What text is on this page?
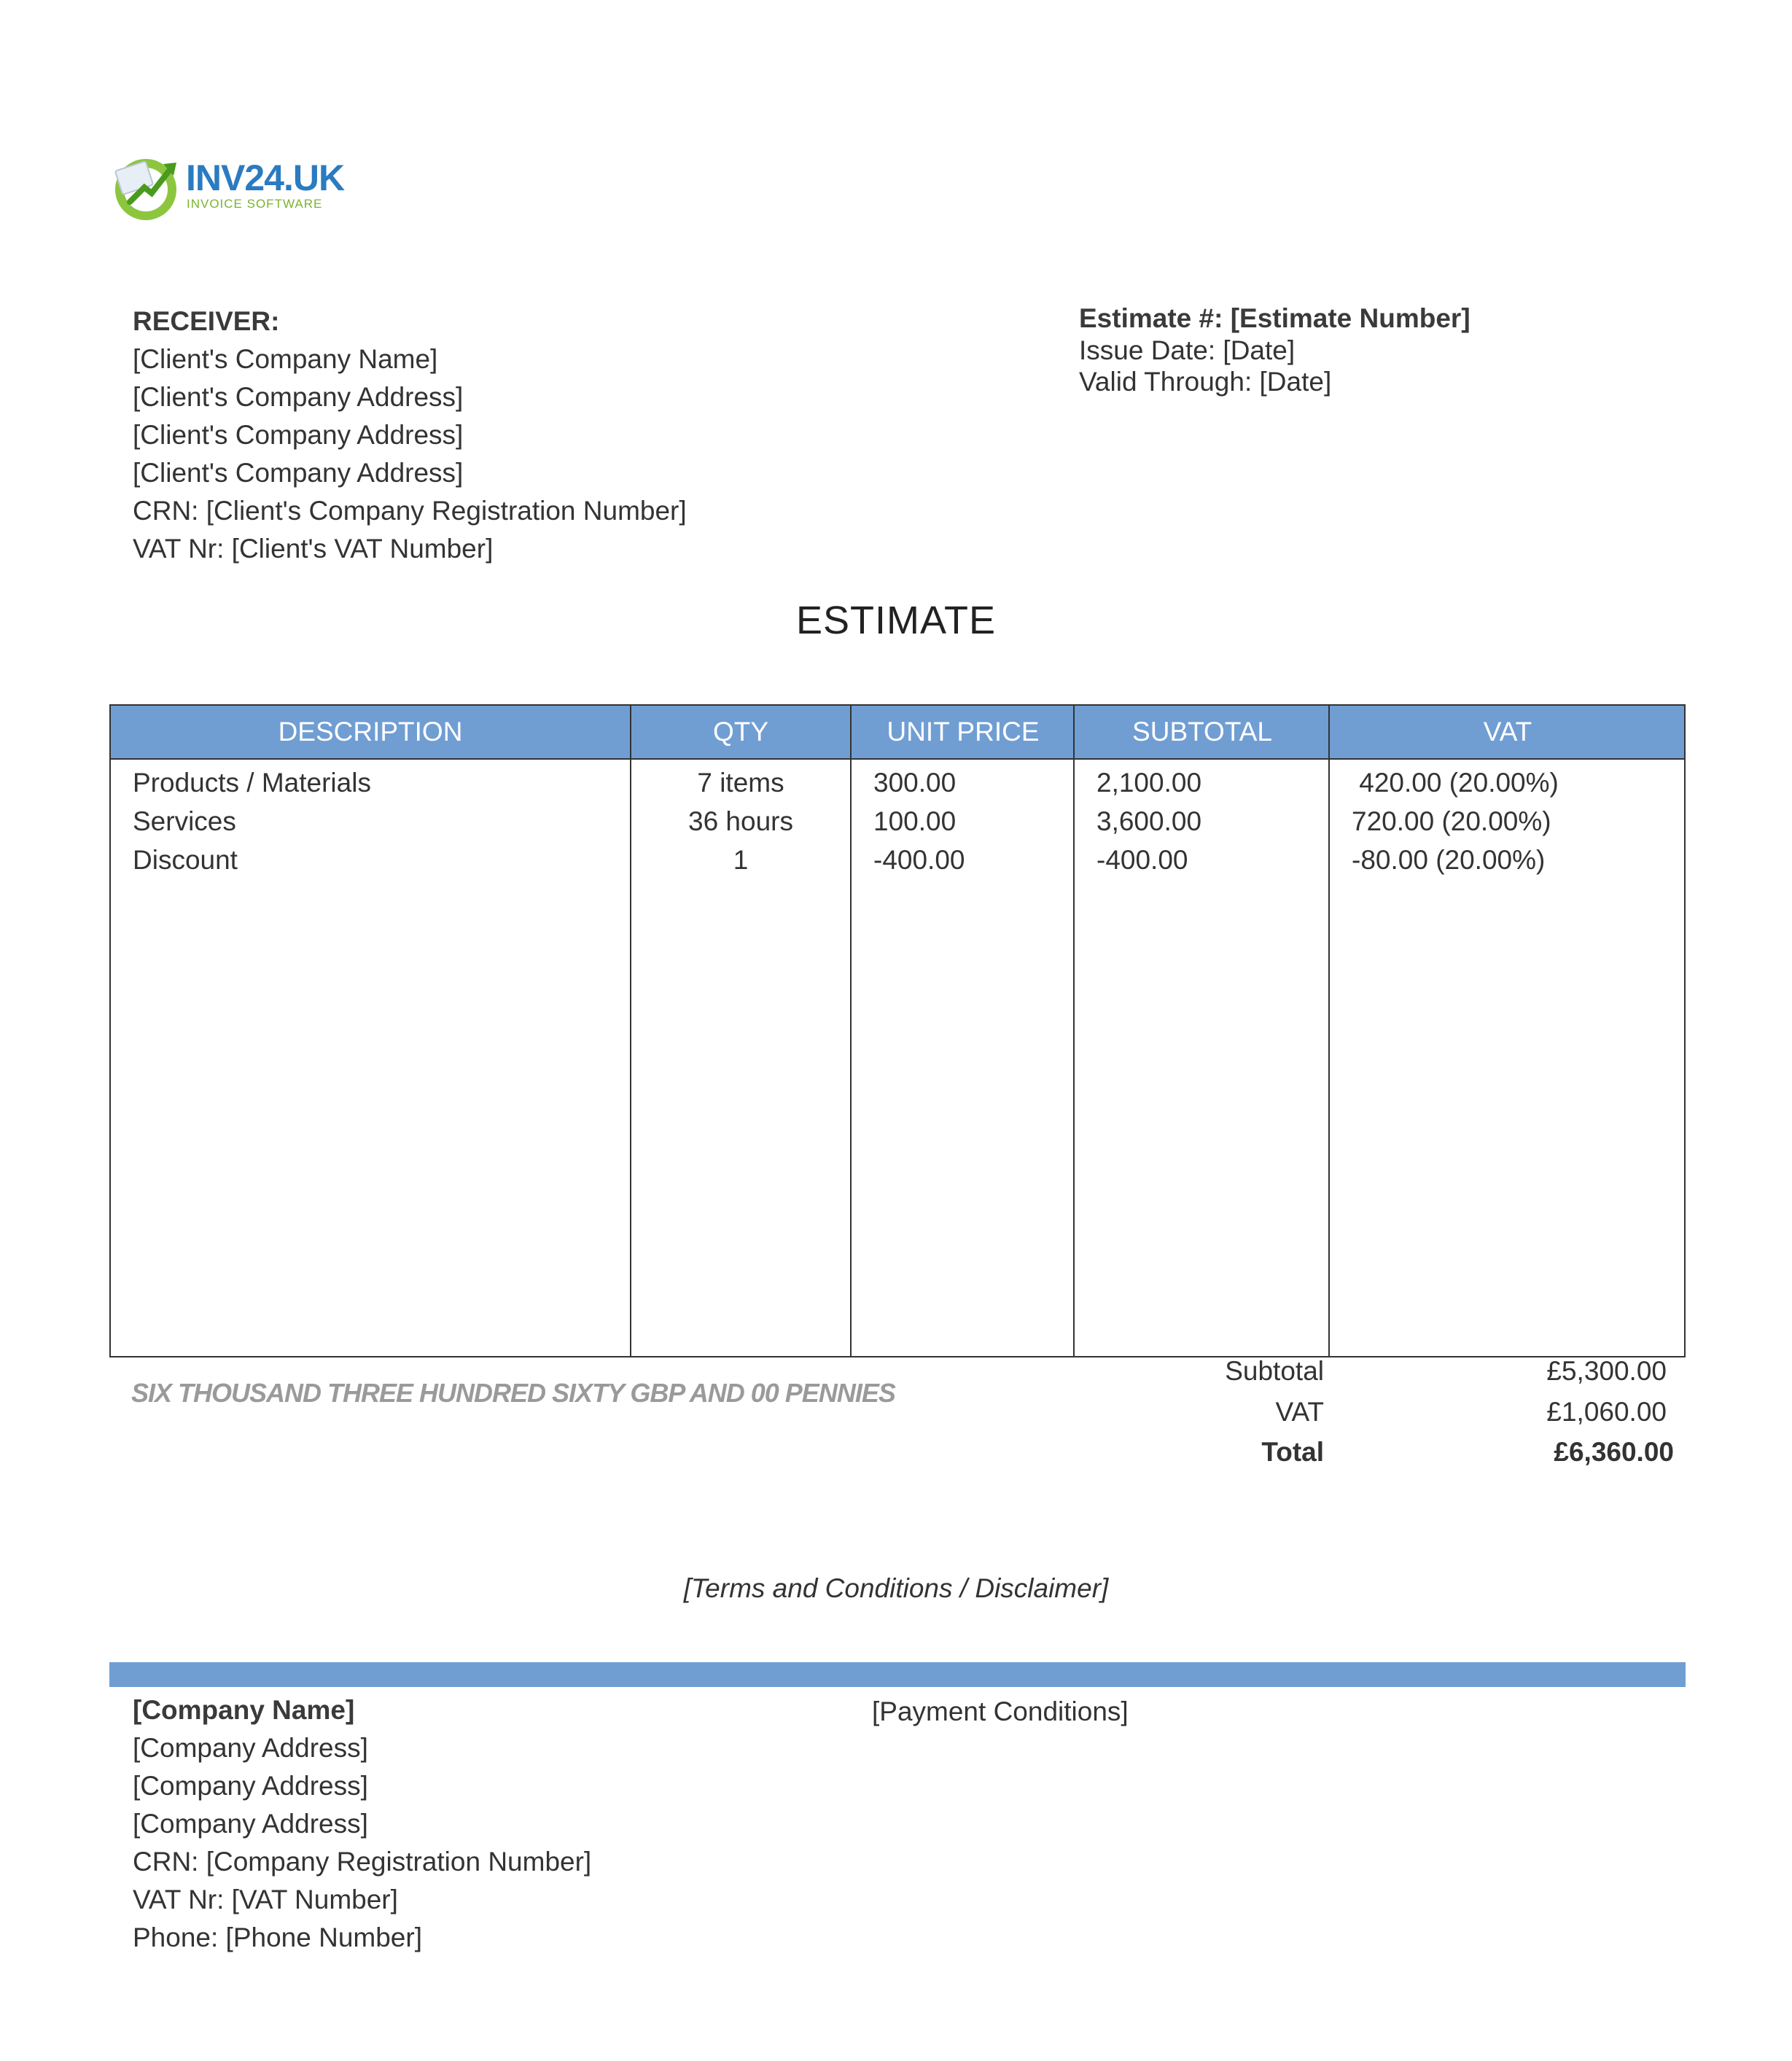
INV24.UK
INVOICE SOFTWARE
RECEIVER:
[Client's Company Name]
[Client's Company Address]
[Client's Company Address]
[Client's Company Address]
CRN: [Client's Company Registration Number]
VAT Nr: [Client's VAT Number]
Estimate #: [Estimate Number]
Issue Date: [Date]
Valid Through: [Date]
ESTIMATE
DESCRIPTION	QTY	UNIT PRICE	SUBTOTAL	VAT
Products / Materials	7 items	300.00	2,100.00	420.00 (20.00%)
Services	36 hours	100.00	3,600.00	720.00 (20.00%)
Discount	1	-400.00	-400.00	-80.00 (20.00%)
SIX THOUSAND THREE HUNDRED SIXTY GBP AND 00 PENNIES
Subtotal	£5,300.00
VAT	£1,060.00
Total	£6,360.00
[Terms and Conditions / Disclaimer]
[Company Name]
[Company Address]
[Company Address]
[Company Address]
CRN: [Company Registration Number]
VAT Nr: [VAT Number]
Phone: [Phone Number]
[Payment Conditions]
